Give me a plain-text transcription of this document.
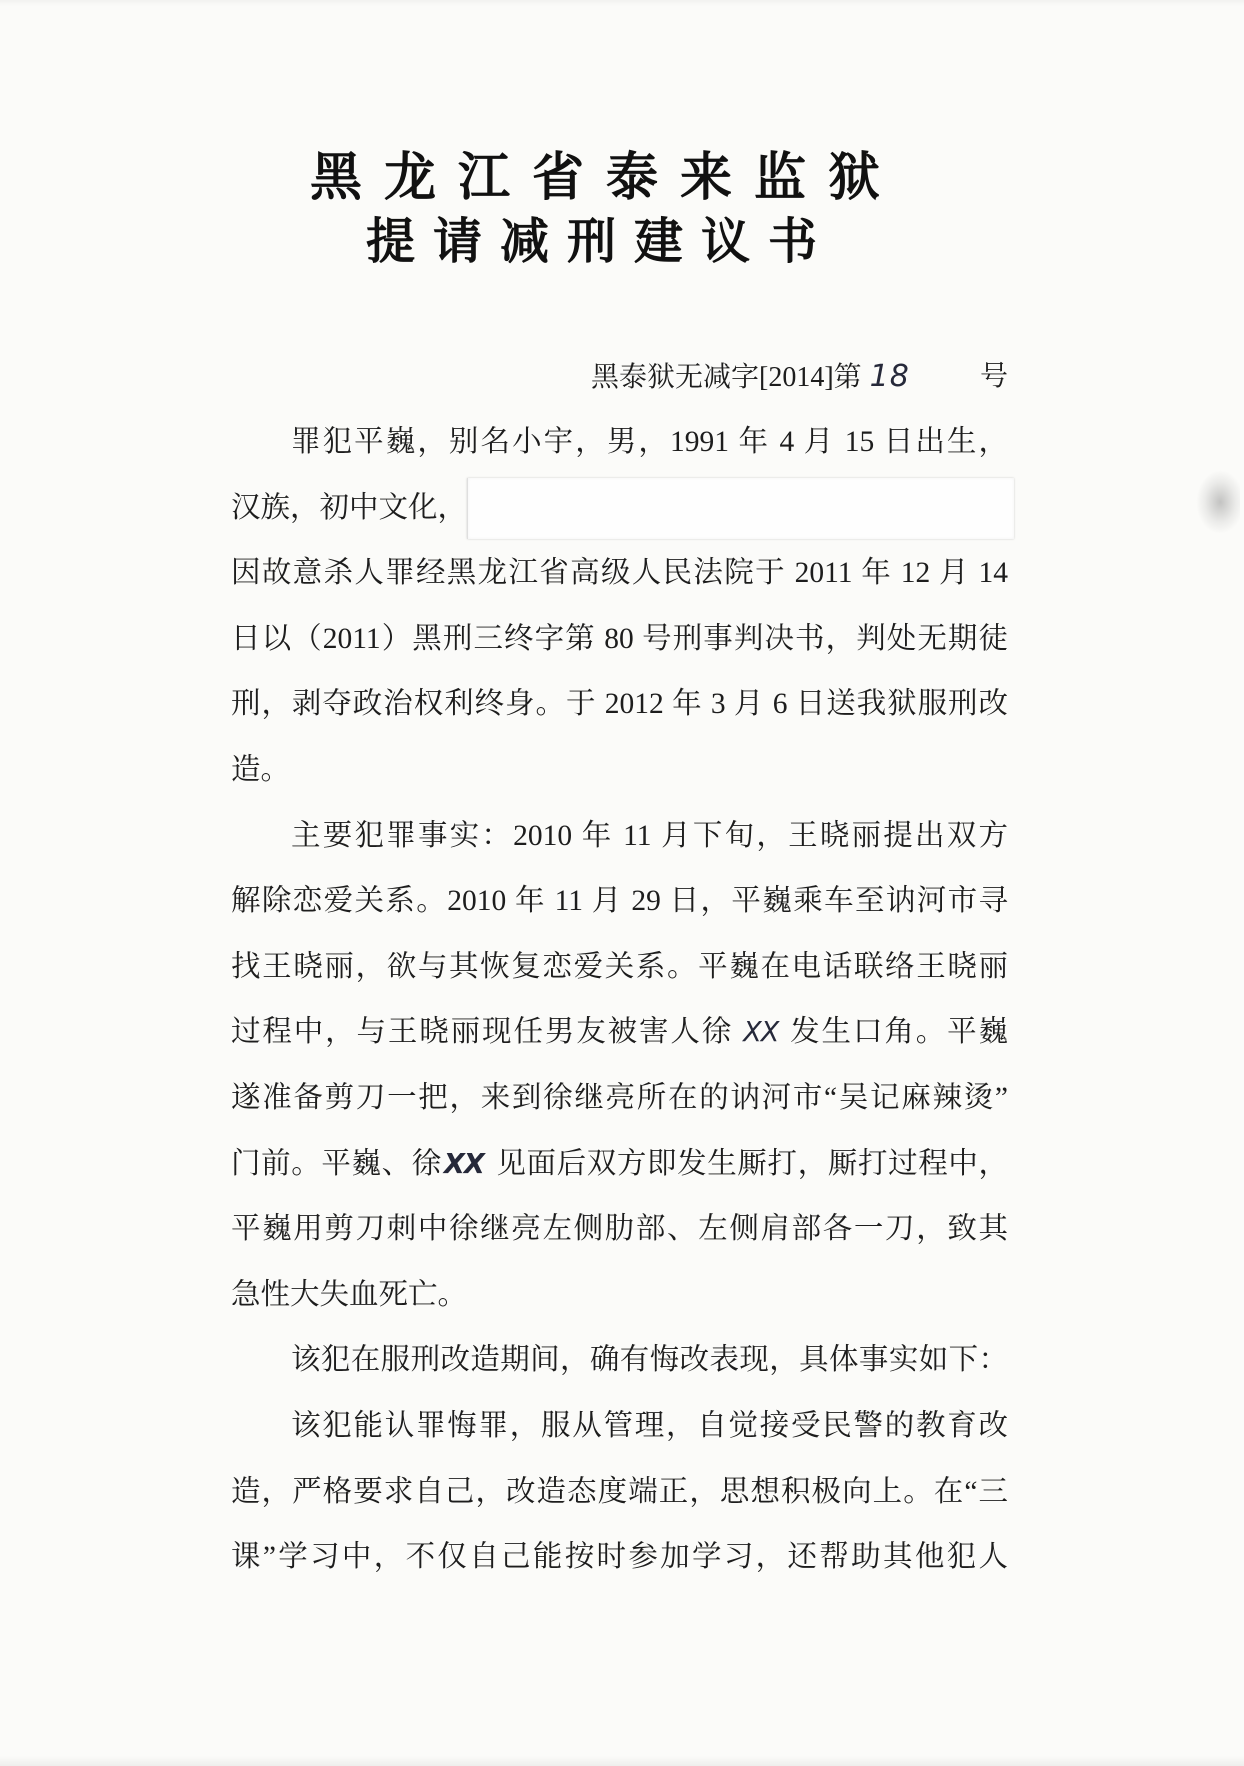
黑龙江省泰来监狱
提请减刑建议书
黑泰狱无减字[2014]第 18	号
罪犯平巍，别名小宇，男，1991 年 4 月 15 日出生，
汉族，初中文化，
因故意杀人罪经黑龙江省高级人民法院于 2011 年 12 月 14
日以（2011）黑刑三终字第 80 号刑事判决书，判处无期徒
刑，剥夺政治权利终身。于 2012 年 3 月 6 日送我狱服刑改
造。
主要犯罪事实：2010 年 11 月下旬，王晓丽提出双方
解除恋爱关系。2010 年 11 月 29 日，平巍乘车至讷河市寻
找王晓丽，欲与其恢复恋爱关系。平巍在电话联络王晓丽
过程中，与王晓丽现任男友被害人徐 XX 发生口角。平巍
遂准备剪刀一把，来到徐继亮所在的讷河市“吴记麻辣烫”
门前。平巍、徐XX 见面后双方即发生厮打，厮打过程中，
平巍用剪刀刺中徐继亮左侧肋部、左侧肩部各一刀，致其
急性大失血死亡。
该犯在服刑改造期间，确有悔改表现，具体事实如下：
该犯能认罪悔罪，服从管理，自觉接受民警的教育改
造，严格要求自己，改造态度端正，思想积极向上。在“三
课”学习中，不仅自己能按时参加学习，还帮助其他犯人
